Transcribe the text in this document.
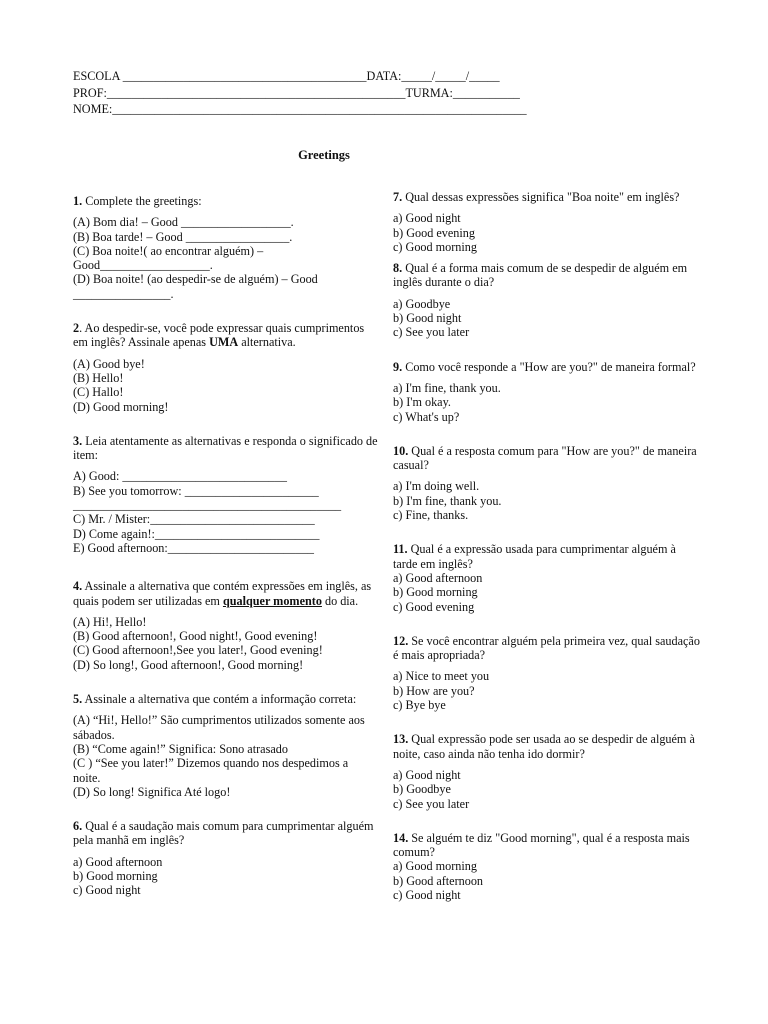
ESCOLA ________________________________________DATA:_____/_____/_____
PROF:_________________________________________________TURMA:___________
NOME:____________________________________________________________________
Greetings
1. Complete the greetings:
(A) Bom dia! – Good __________________.
(B) Boa tarde! – Good _________________.
(C) Boa noite!( ao encontrar alguém) –
Good__________________.
(D) Boa noite! (ao despedir-se de alguém) – Good
________________.
2. Ao despedir-se, você pode expressar quais cumprimentos em inglês? Assinale apenas UMA alternativa.
(A) Good bye!
(B) Hello!
(C) Hallo!
(D) Good morning!
3. Leia atentamente as alternativas e responda o significado de item:
A) Good: ___________________________
B) See you tomorrow: ______________________
____________________________________________
C) Mr. / Mister:___________________________
D) Come again!:___________________________
E) Good afternoon:________________________
4. Assinale a alternativa que contém expressões em inglês, as quais podem ser utilizadas em qualquer momento do dia.
(A) Hi!, Hello!
(B) Good afternoon!, Good night!, Good evening!
(C) Good afternoon!,See you later!, Good evening!
(D) So long!, Good afternoon!, Good morning!
5. Assinale a alternativa que contém a informação correta:
(A) “Hi!, Hello!” São cumprimentos utilizados somente aos sábados.
(B) “Come again!” Significa: Sono atrasado
(C ) “See you later!” Dizemos quando nos despedimos a noite.
(D) So long! Significa Até logo!
6. Qual é a saudação mais comum para cumprimentar alguém pela manhã em inglês?
a) Good afternoon
b) Good morning
c) Good night
7. Qual dessas expressões significa "Boa noite" em inglês?
a) Good night
b) Good evening
c) Good morning
8. Qual é a forma mais comum de se despedir de alguém em inglês durante o dia?
a) Goodbye
b) Good night
c) See you later
9. Como você responde a "How are you?" de maneira formal?
a) I'm fine, thank you.
b) I'm okay.
c) What's up?
10. Qual é a resposta comum para "How are you?" de maneira casual?
a) I'm doing well.
b) I'm fine, thank you.
c) Fine, thanks.
11. Qual é a expressão usada para cumprimentar alguém à tarde em inglês?
a) Good afternoon
b) Good morning
c) Good evening
12. Se você encontrar alguém pela primeira vez, qual saudação é mais apropriada?
a) Nice to meet you
b) How are you?
c) Bye bye
13. Qual expressão pode ser usada ao se despedir de alguém à noite, caso ainda não tenha ido dormir?
a) Good night
b) Goodbye
c) See you later
14. Se alguém te diz "Good morning", qual é a resposta mais comum?
a) Good morning
b) Good afternoon
c) Good night
